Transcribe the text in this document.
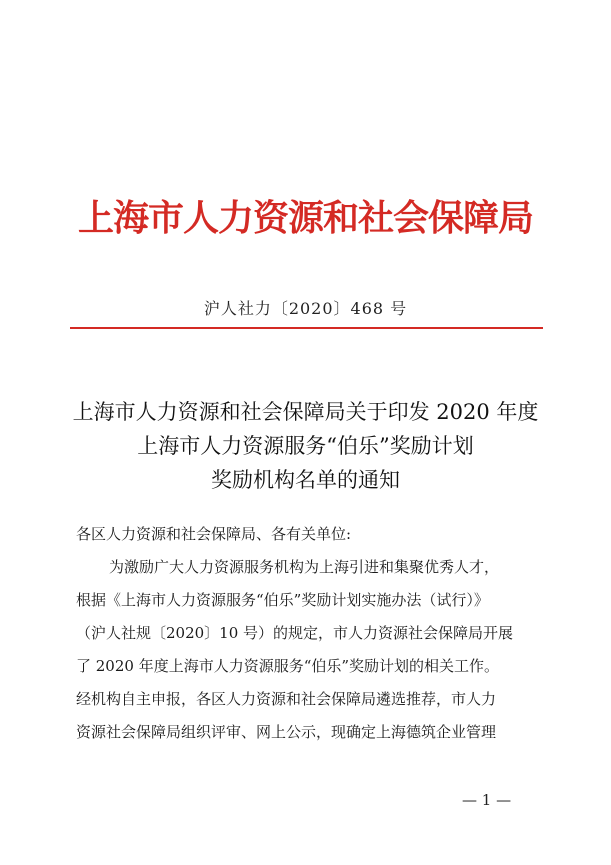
上海市人力资源和社会保障局
沪人社力〔2020〕468 号
上海市人力资源和社会保障局关于印发 2020 年度
上海市人力资源服务“伯乐”奖励计划
奖励机构名单的通知
各区人力资源和社会保障局、各有关单位:
为激励广大人力资源服务机构为上海引进和集聚优秀人才，
根据《上海市人力资源服务“伯乐”奖励计划实施办法（试行）》
（沪人社规〔2020〕10 号）的规定，市人力资源社会保障局开展
了 2020 年度上海市人力资源服务“伯乐”奖励计划的相关工作。
经机构自主申报，各区人力资源和社会保障局遴选推荐，市人力
资源社会保障局组织评审、网上公示，现确定上海德筑企业管理
— 1 —
